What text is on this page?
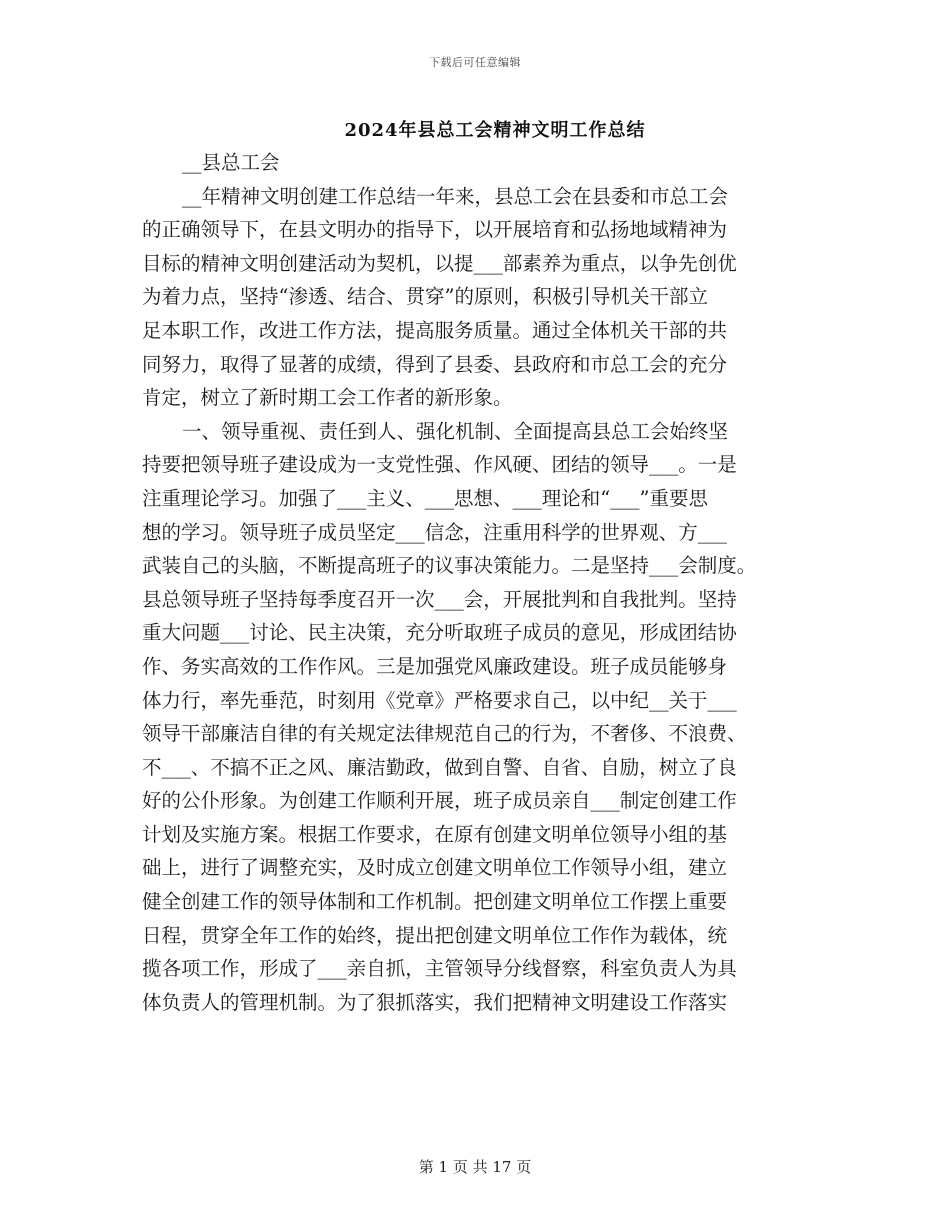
下载后可任意编辑
2024年县总工会精神文明工作总结
__县总工会
__年精神文明创建工作总结一年来，县总工会在县委和市总工会
的正确领导下，在县文明办的指导下，以开展培育和弘扬地域精神为
目标的精神文明创建活动为契机，以提___部素养为重点，以争先创优
为着力点，坚持“渗透、结合、贯穿”的原则，积极引导机关干部立
足本职工作，改进工作方法，提高服务质量。通过全体机关干部的共
同努力，取得了显著的成绩，得到了县委、县政府和市总工会的充分
肯定，树立了新时期工会工作者的新形象。
一、领导重视、责任到人、强化机制、全面提高县总工会始终坚
持要把领导班子建设成为一支党性强、作风硬、团结的领导___。一是
注重理论学习。加强了___主义、___思想、___理论和“___”重要思
想的学习。领导班子成员坚定___信念，注重用科学的世界观、方___
武装自己的头脑，不断提高班子的议事决策能力。二是坚持___会制度。
县总领导班子坚持每季度召开一次___会，开展批判和自我批判。坚持
重大问题___讨论、民主决策，充分听取班子成员的意见，形成团结协
作、务实高效的工作作风。三是加强党风廉政建设。班子成员能够身
体力行，率先垂范，时刻用《党章》严格要求自己，以中纪__关于___
领导干部廉洁自律的有关规定法律规范自己的行为，不奢侈、不浪费、
不___、不搞不正之风、廉洁勤政，做到自警、自省、自励，树立了良
好的公仆形象。为创建工作顺利开展，班子成员亲自___制定创建工作
计划及实施方案。根据工作要求，在原有创建文明单位领导小组的基
础上，进行了调整充实，及时成立创建文明单位工作领导小组，建立
健全创建工作的领导体制和工作机制。把创建文明单位工作摆上重要
日程，贯穿全年工作的始终，提出把创建文明单位工作作为载体，统
揽各项工作，形成了___亲自抓，主管领导分线督察，科室负责人为具
体负责人的管理机制。为了狠抓落实，我们把精神文明建设工作落实
第 1 页 共 17 页
